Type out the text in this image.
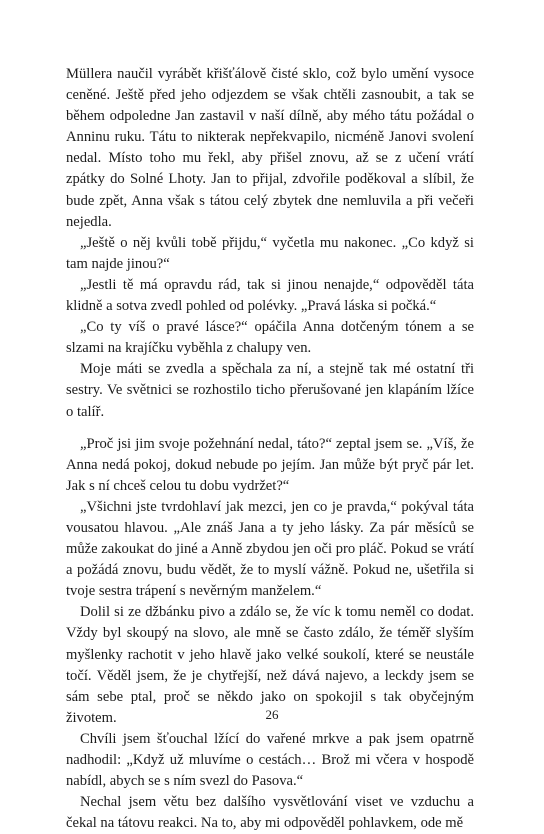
Müllera naučil vyrábět křišťálově čisté sklo, což bylo umění vysoce ceněné. Ještě před jeho odjezdem se však chtěli zasnoubit, a tak se během odpoledne Jan zastavil v naší dílně, aby mého tátu požádal o Anninu ruku. Tátu to nikterak nepřekvapilo, nicméně Janovi svolení nedal. Místo toho mu řekl, aby přišel znovu, až se z učení vrátí zpátky do Solné Lhoty. Jan to přijal, zdvořile poděkoval a slíbil, že bude zpět, Anna však s tátou celý zbytek dne nemluvila a při večeři nejedla.

„Ještě o něj kvůli tobě přijdu,“ vyčetla mu nakonec. „Co když si tam najde jinou?“

„Jestli tě má opravdu rád, tak si jinou nenajde,“ odpověděl táta klidně a sotva zvedl pohled od polévky. „Pravá láska si počká.“

„Co ty víš o pravé lásce?“ opáčila Anna dotčeným tónem a se slzami na krajíčku vyběhla z chalupy ven.

Moje máti se zvedla a spěchala za ní, a stejně tak mé ostatní tři sestry. Ve světnici se rozhostilo ticho přerušované jen klapáním lžíce o talíř.

„Proč jsi jim svoje požehnání nedal, táto?“ zeptal jsem se. „Víš, že Anna nedá pokoj, dokud nebude po jejím. Jan může být pryč pár let. Jak s ní chceš celou tu dobu vydržet?“

„Všichni jste tvrdohlaví jak mezci, jen co je pravda,“ pokýval táta vousatou hlavou. „Ale znáš Jana a ty jeho lásky. Za pár měsíců se může zakoukat do jiné a Anně zbydou jen oči pro pláč. Pokud se vrátí a požádá znovu, budu vědět, že to myslí vážně. Pokud ne, ušetřila si tvoje sestra trápení s nevěrným manželem.“

Dolil si ze džbánku pivo a zdálo se, že víc k tomu neměl co dodat. Vždy byl skoupý na slovo, ale mně se často zdálo, že téměř slyším myšlenky rachotit v jeho hlavě jako velké soukolí, které se neustále točí. Věděl jsem, že je chytřejší, než dává najevo, a leckdy jsem se sám sebe ptal, proč se někdo jako on spokojil s tak obyčejným životem.

Chvíli jsem šťouchal lžící do vařené mrkve a pak jsem opatrně nadhodil: „Když už mluvíme o cestách… Brož mi včera v hospodě nabídl, abych se s ním svezl do Pasova.“

Nechal jsem větu bez dalšího vysvětlování viset ve vzduchu a čekal na tátovu reakci. Na to, aby mi odpověděl pohlavkem, ode mě

26
